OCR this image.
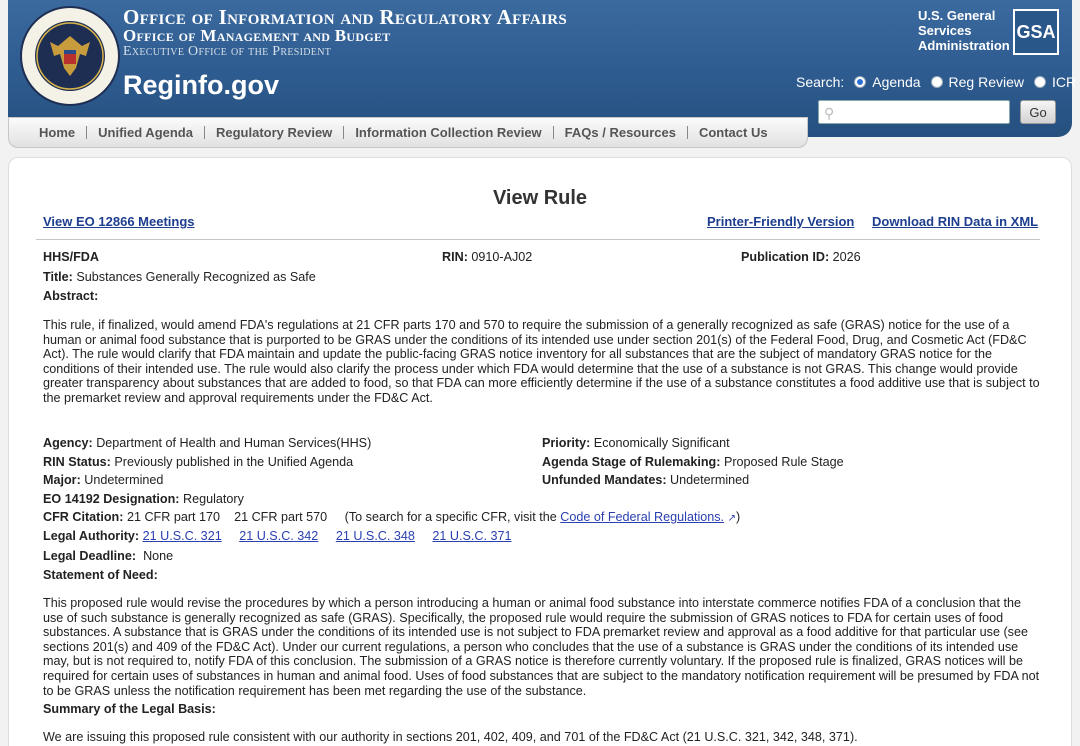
Office of Information and Regulatory Affairs
Office of Management and Budget
Executive Office of the President
Reginfo.gov
U.S. General
Services
Administration
GSA
Search: Agenda Reg Review ICR
⚲	Go
Home	Unified Agenda	Regulatory Review	Information Collection Review	FAQs / Resources	Contact Us
View Rule
View EO 12866 Meetings	Printer-Friendly Version Download RIN Data in XML
HHS/FDA	RIN: 0910-AJ02	Publication ID: 2026
Title: Substances Generally Recognized as Safe
Abstract:
This rule, if finalized, would amend FDA's regulations at 21 CFR parts 170 and 570 to require the submission of a generally recognized as safe (GRAS) notice for the use of a human or animal food substance that is purported to be GRAS under the conditions of its intended use under section 201(s) of the Federal Food, Drug, and Cosmetic Act (FD&C Act). The rule would clarify that FDA maintain and update the public-facing GRAS notice inventory for all substances that are the subject of mandatory GRAS notice for the conditions of their intended use. The rule would also clarify the process under which FDA would determine that the use of a substance is not GRAS. This change would provide greater transparency about substances that are added to food, so that FDA can more efficiently determine if the use of a substance constitutes a food additive use that is subject to the premarket review and approval requirements under the FD&C Act.
Agency: Department of Health and Human Services(HHS)	Priority: Economically Significant
RIN Status: Previously published in the Unified Agenda	Agenda Stage of Rulemaking: Proposed Rule Stage
Major: Undetermined	Unfunded Mandates: Undetermined
EO 14192 Designation: Regulatory
CFR Citation: 21 CFR part 170 21 CFR part 570 (To search for a specific CFR, visit the Code of Federal Regulations. ↗)
Legal Authority: 21 U.S.C. 321 21 U.S.C. 342 21 U.S.C. 348 21 U.S.C. 371
Legal Deadline: None
Statement of Need:
This proposed rule would revise the procedures by which a person introducing a human or animal food substance into interstate commerce notifies FDA of a conclusion that the use of such substance is generally recognized as safe (GRAS). Specifically, the proposed rule would require the submission of GRAS notices to FDA for certain uses of food substances. A substance that is GRAS under the conditions of its intended use is not subject to FDA premarket review and approval as a food additive for that particular use (see sections 201(s) and 409 of the FD&C Act). Under our current regulations, a person who concludes that the use of a substance is GRAS under the conditions of its intended use may, but is not required to, notify FDA of this conclusion. The submission of a GRAS notice is therefore currently voluntary. If the proposed rule is finalized, GRAS notices will be required for certain uses of substances in human and animal food. Uses of food substances that are subject to the mandatory notification requirement will be presumed by FDA not to be GRAS unless the notification requirement has been met regarding the use of the substance.
Summary of the Legal Basis:
We are issuing this proposed rule consistent with our authority in sections 201, 402, 409, and 701 of the FD&C Act (21 U.S.C. 321, 342, 348, 371).
